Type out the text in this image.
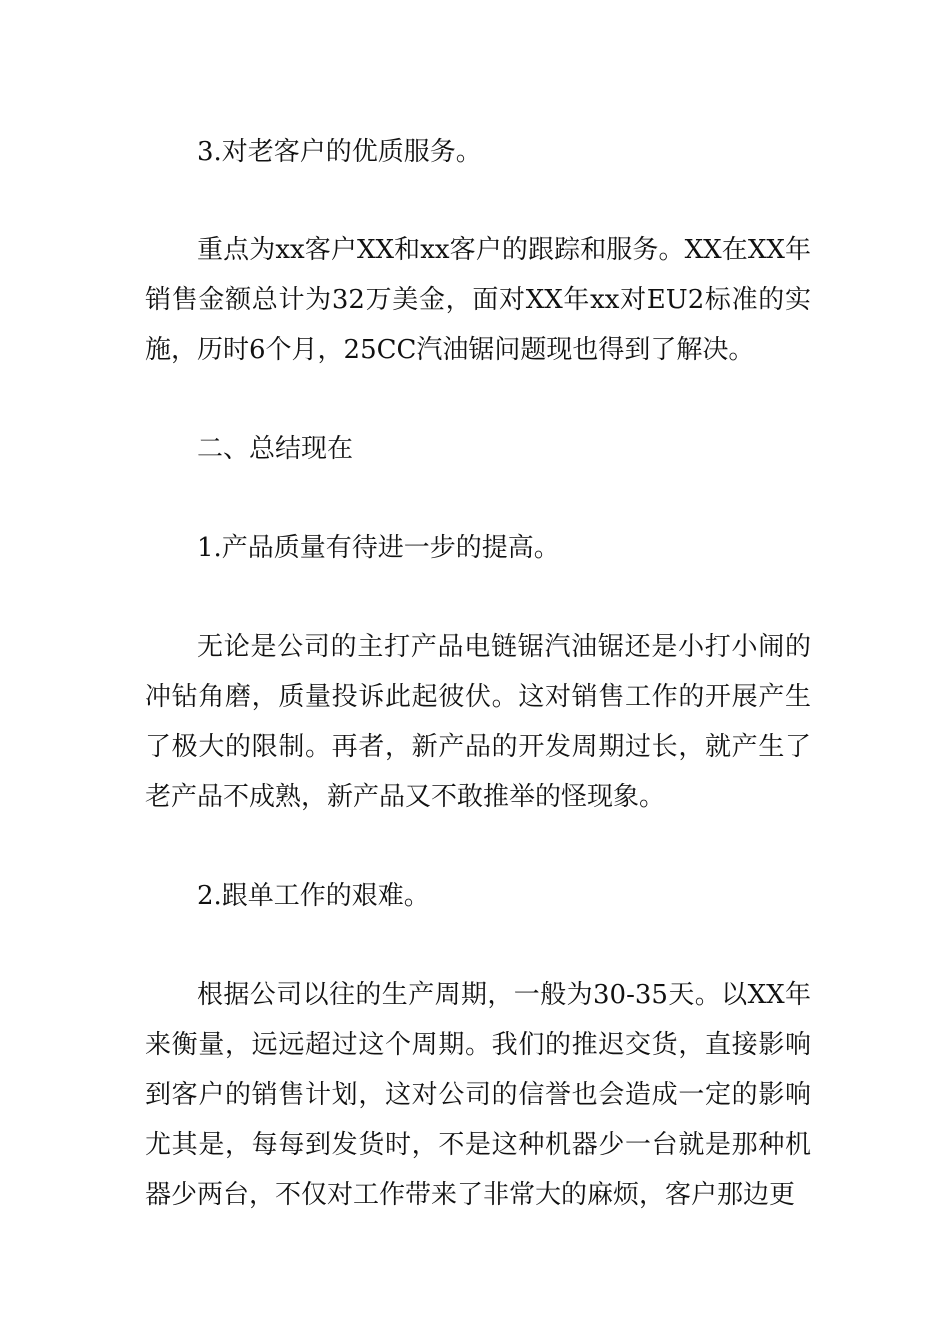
3.对老客户的优质服务。

重点为xx客户XX和xx客户的跟踪和服务。XX在XX年销售金额总计为32万美金，面对XX年xx对EU2标准的实施，历时6个月，25CC汽油锯问题现也得到了解决。

二、总结现在

1.产品质量有待进一步的提高。

无论是公司的主打产品电链锯汽油锯还是小打小闹的冲钻角磨，质量投诉此起彼伏。这对销售工作的开展产生了极大的限制。再者，新产品的开发周期过长，就产生了老产品不成熟，新产品又不敢推举的怪现象。

2.跟单工作的艰难。

根据公司以往的生产周期，一般为30-35天。以XX年来衡量，远远超过这个周期。我们的推迟交货，直接影响到客户的销售计划，这对公司的信誉也会造成一定的影响尤其是，每每到发货时，不是这种机器少一台就是那种机器少两台，不仅对工作带来了非常大的麻烦，客户那边更
